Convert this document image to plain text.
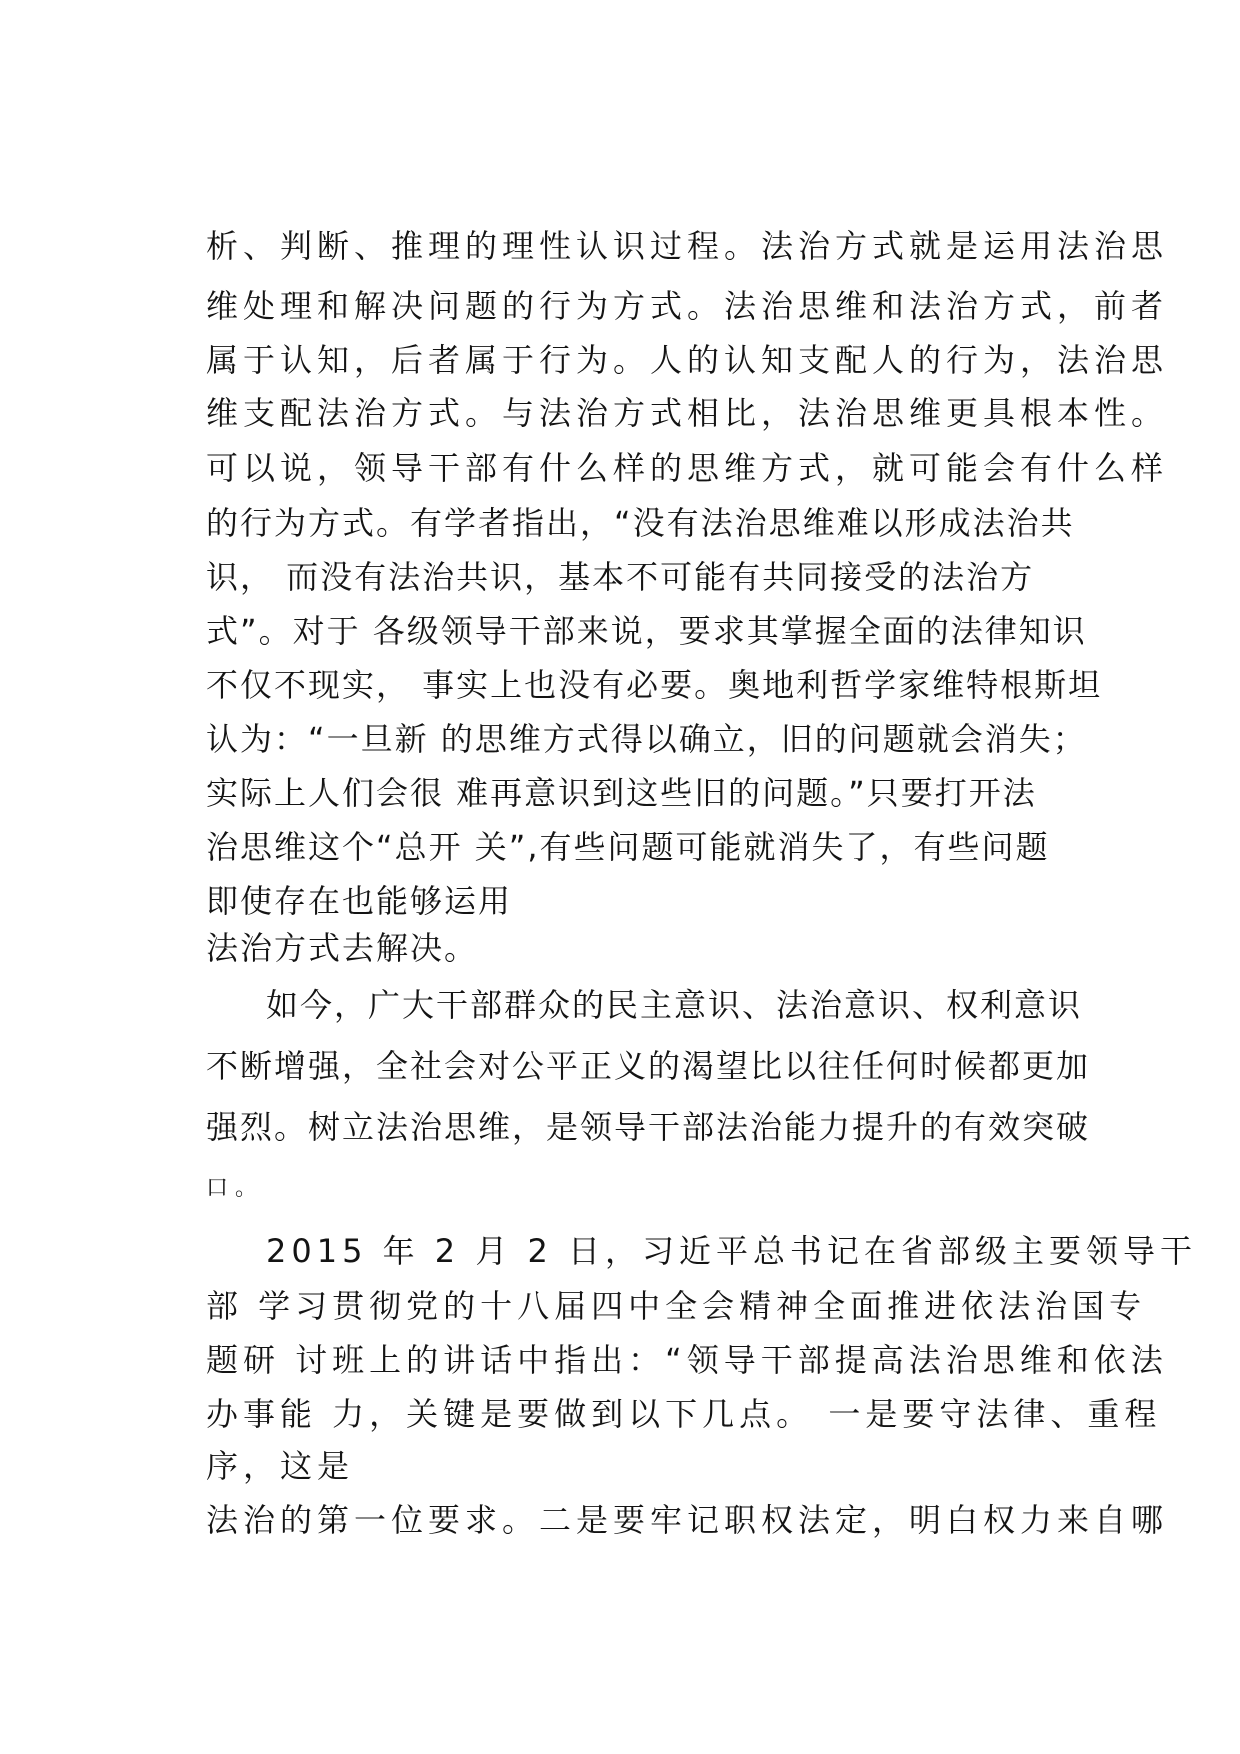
析、判断、推理的理性认识过程。法治方式就是运用法治思
维处理和解决问题的行为方式。法治思维和法治方式，前者
属于认知，后者属于行为。人的认知支配人的行为，法治思
维支配法治方式。与法治方式相比，法治思维更具根本性。
可以说，领导干部有什么样的思维方式，就可能会有什么样
的行为方式。有学者指出，“没有法治思维难以形成法治共
识， 而没有法治共识，基本不可能有共同接受的法治方
式”。对于 各级领导干部来说，要求其掌握全面的法律知识
不仅不现实， 事实上也没有必要。奥地利哲学家维特根斯坦
认为：“一旦新 的思维方式得以确立，旧的问题就会消失；
实际上人们会很 难再意识到这些旧的问题。”只要打开法
治思维这个“总开 关”,有些问题可能就消失了，有些问题
即使存在也能够运用
法治方式去解决。
如今，广大干部群众的民主意识、法治意识、权利意识
不断增强，全社会对公平正义的渴望比以往任何时候都更加
强烈。树立法治思维，是领导干部法治能力提升的有效突破
口 。
2015 年 2 月 2 日，习近平总书记在省部级主要领导干
部 学习贯彻党的十八届四中全会精神全面推进依法治国专
题研 讨班上的讲话中指出：“领导干部提高法治思维和依法
办事能 力，关键是要做到以下几点。 一是要守法律、重程
序，这是
法治的第一位要求。二是要牢记职权法定，明白权力来自哪
